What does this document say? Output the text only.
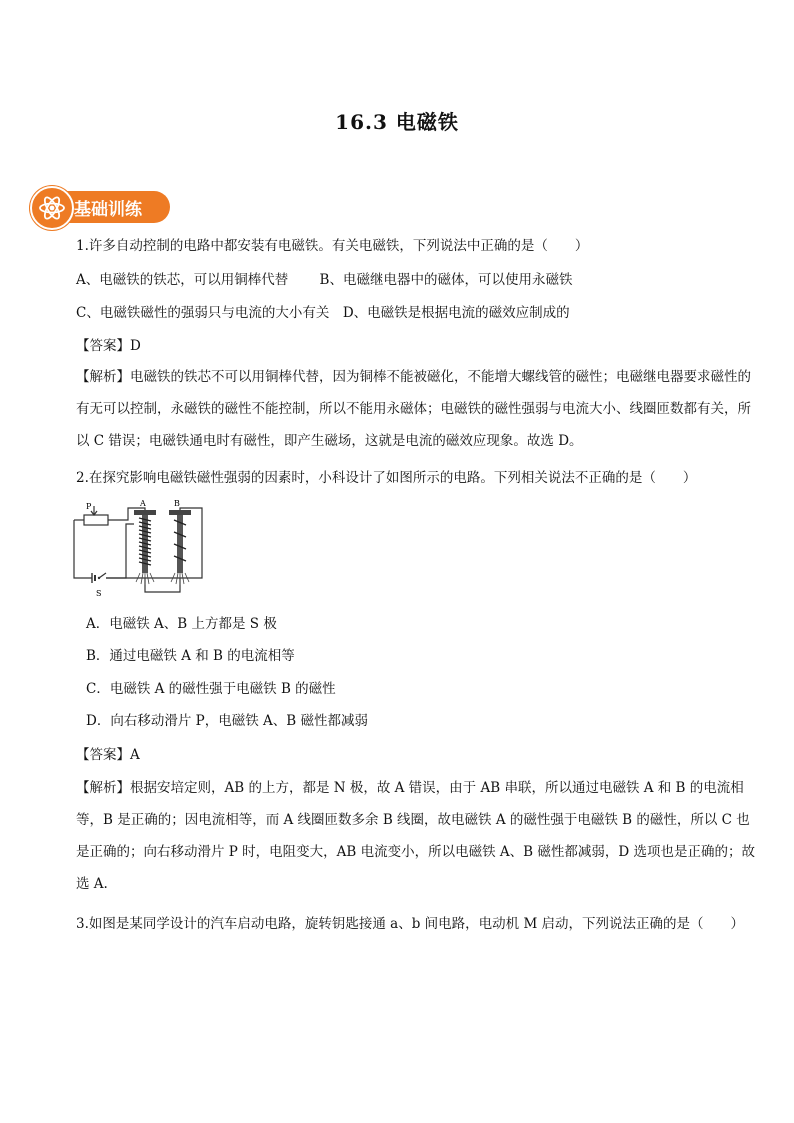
16.3 电磁铁
基础训练
1.许多自动控制的电路中都安装有电磁铁。有关电磁铁，下列说法中正确的是（　　）
A、电磁铁的铁芯，可以用铜棒代替　　 B、电磁继电器中的磁体，可以使用永磁铁
C、电磁铁磁性的强弱只与电流的大小有关　D、电磁铁是根据电流的磁效应制成的
【答案】D
【解析】电磁铁的铁芯不可以用铜棒代替，因为铜棒不能被磁化，不能增大螺线管的磁性；电磁继电器要求磁性的有无可以控制，永磁铁的磁性不能控制，所以不能用永磁体；电磁铁的磁性强弱与电流大小、线圈匝数都有关，所以 C 错误；电磁铁通电时有磁性，即产生磁场，这就是电流的磁效应现象。故选 D。
2.在探究影响电磁铁磁性强弱的因素时，小科设计了如图所示的电路。下列相关说法不正确的是（　　）
P
S
A	B
A．电磁铁 A、B 上方都是 S 极
B．通过电磁铁 A 和 B 的电流相等
C．电磁铁 A 的磁性强于电磁铁 B 的磁性
D．向右移动滑片 P，电磁铁 A、B 磁性都减弱
【答案】A
【解析】根据安培定则，AB 的上方，都是 N 极，故 A 错误，由于 AB 串联，所以通过电磁铁 A 和 B 的电流相等，B 是正确的；因电流相等，而 A 线圈匝数多余 B 线圈，故电磁铁 A 的磁性强于电磁铁 B 的磁性，所以 C 也是正确的；向右移动滑片 P 时，电阻变大，AB 电流变小，所以电磁铁 A、B 磁性都减弱，D 选项也是正确的；故选 A.
3.如图是某同学设计的汽车启动电路，旋转钥匙接通 a、b 间电路，电动机 M 启动，下列说法正确的是（　　）
